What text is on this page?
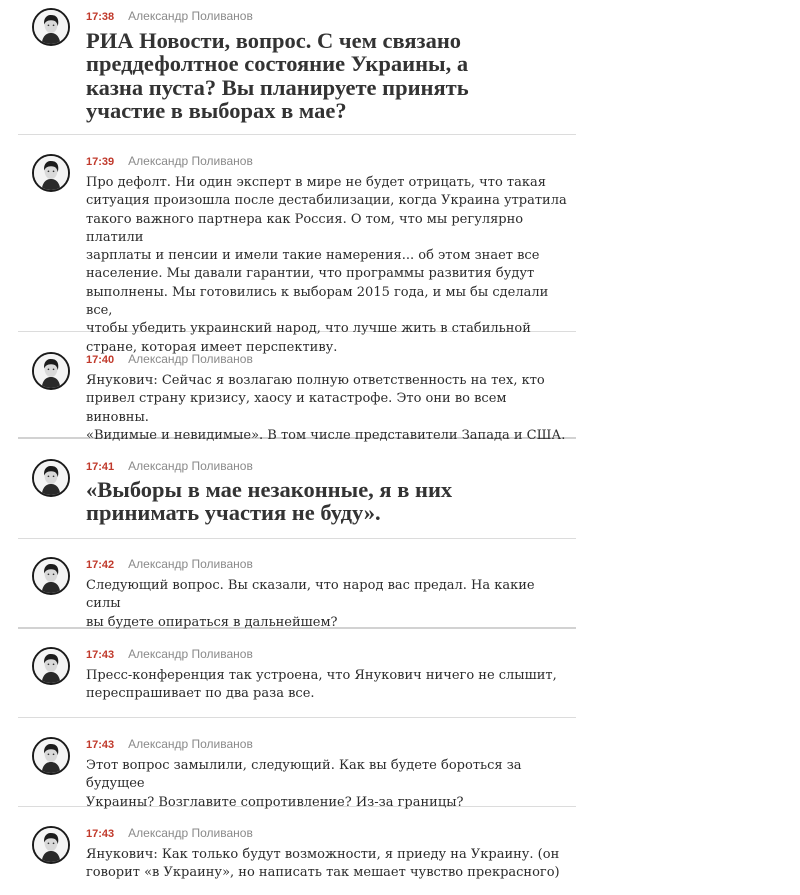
17:38 Александр Поливанов
РИА Новости, вопрос. С чем связано
преддефолтное состояние Украины, а
казна пуста? Вы планируете принять
участие в выборах в мае?
17:39 Александр Поливанов
Про дефолт. Ни один эксперт в мире не будет отрицать, что такая
ситуация произошла после дестабилизации, когда Украина утратила
такого важного партнера как Россия. О том, что мы регулярно платили
зарплаты и пенсии и имели такие намерения... об этом знает все
население. Мы давали гарантии, что программы развития будут
выполнены. Мы готовились к выборам 2015 года, и мы бы сделали все,
чтобы убедить украинский народ, что лучше жить в стабильной
стране, которая имеет перспективу.
17:40 Александр Поливанов
Янукович: Сейчас я возлагаю полную ответственность на тех, кто
привел страну кризису, хаосу и катастрофе. Это они во всем виновны.
«Видимые и невидимые». В том числе представители Запада и США.
17:41 Александр Поливанов
«Выборы в мае незаконные, я в них
принимать участия не буду».
17:42 Александр Поливанов
Следующий вопрос. Вы сказали, что народ вас предал. На какие силы
вы будете опираться в дальнейшем?
17:43 Александр Поливанов
Пресс-конференция так устроена, что Янукович ничего не слышит,
переспрашивает по два раза все.
17:43 Александр Поливанов
Этот вопрос замылили, следующий. Как вы будете бороться за будущее
Украины? Возглавите сопротивление? Из-за границы?
17:43 Александр Поливанов
Янукович: Как только будут возможности, я приеду на Украину. (он
говорит «в Украину», но написать так мешает чувство прекрасного)
